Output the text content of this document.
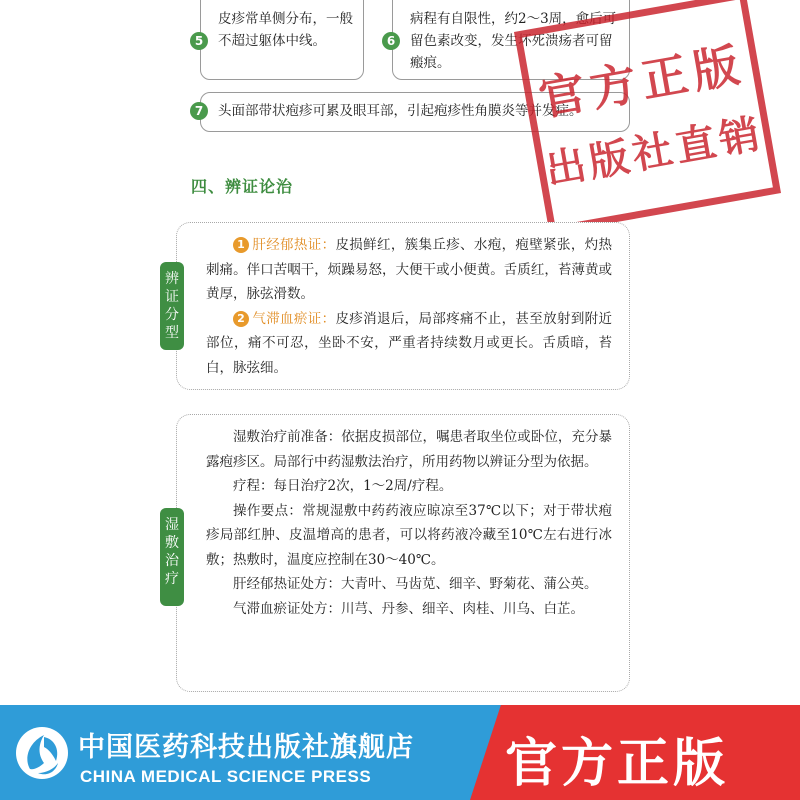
5
皮疹常单侧分布，一般不超过躯体中线。	6
病程有自限性，约2～3周，愈后可留色素改变，发生坏死溃疡者可留瘢痕。
7	头面部带状疱疹可累及眼耳部，引起疱疹性角膜炎等并发症。
官方正版
出版社直销
四、辨证论治
辨
证
分
型

1 肝经郁热证：皮损鲜红，簇集丘疹、水疱，疱壁紧张，灼热刺痛。伴口苦咽干，烦躁易怒，大便干或小便黄。舌质红，苔薄黄或黄厚，脉弦滑数。

2 气滞血瘀证：皮疹消退后，局部疼痛不止，甚至放射到附近部位，痛不可忍，坐卧不安，严重者持续数月或更长。舌质暗，苔白，脉弦细。

湿
敷
治
疗

湿敷治疗前准备：依据皮损部位，嘱患者取坐位或卧位，充分暴露疱疹区。局部行中药湿敷法治疗，所用药物以辨证分型为依据。

疗程：每日治疗2次，1～2周/疗程。

操作要点：常规湿敷中药药液应晾凉至37℃以下；对于带状疱疹局部红肿、皮温增高的患者，可以将药液冷藏至10℃左右进行冰敷；热敷时，温度应控制在30～40℃。

肝经郁热证处方：大青叶、马齿苋、细辛、野菊花、蒲公英。

气滞血瘀证处方：川芎、丹参、细辛、肉桂、川乌、白芷。

中国医药科技出版社旗舰店
CHINA MEDICAL SCIENCE PRESS	官方正版
